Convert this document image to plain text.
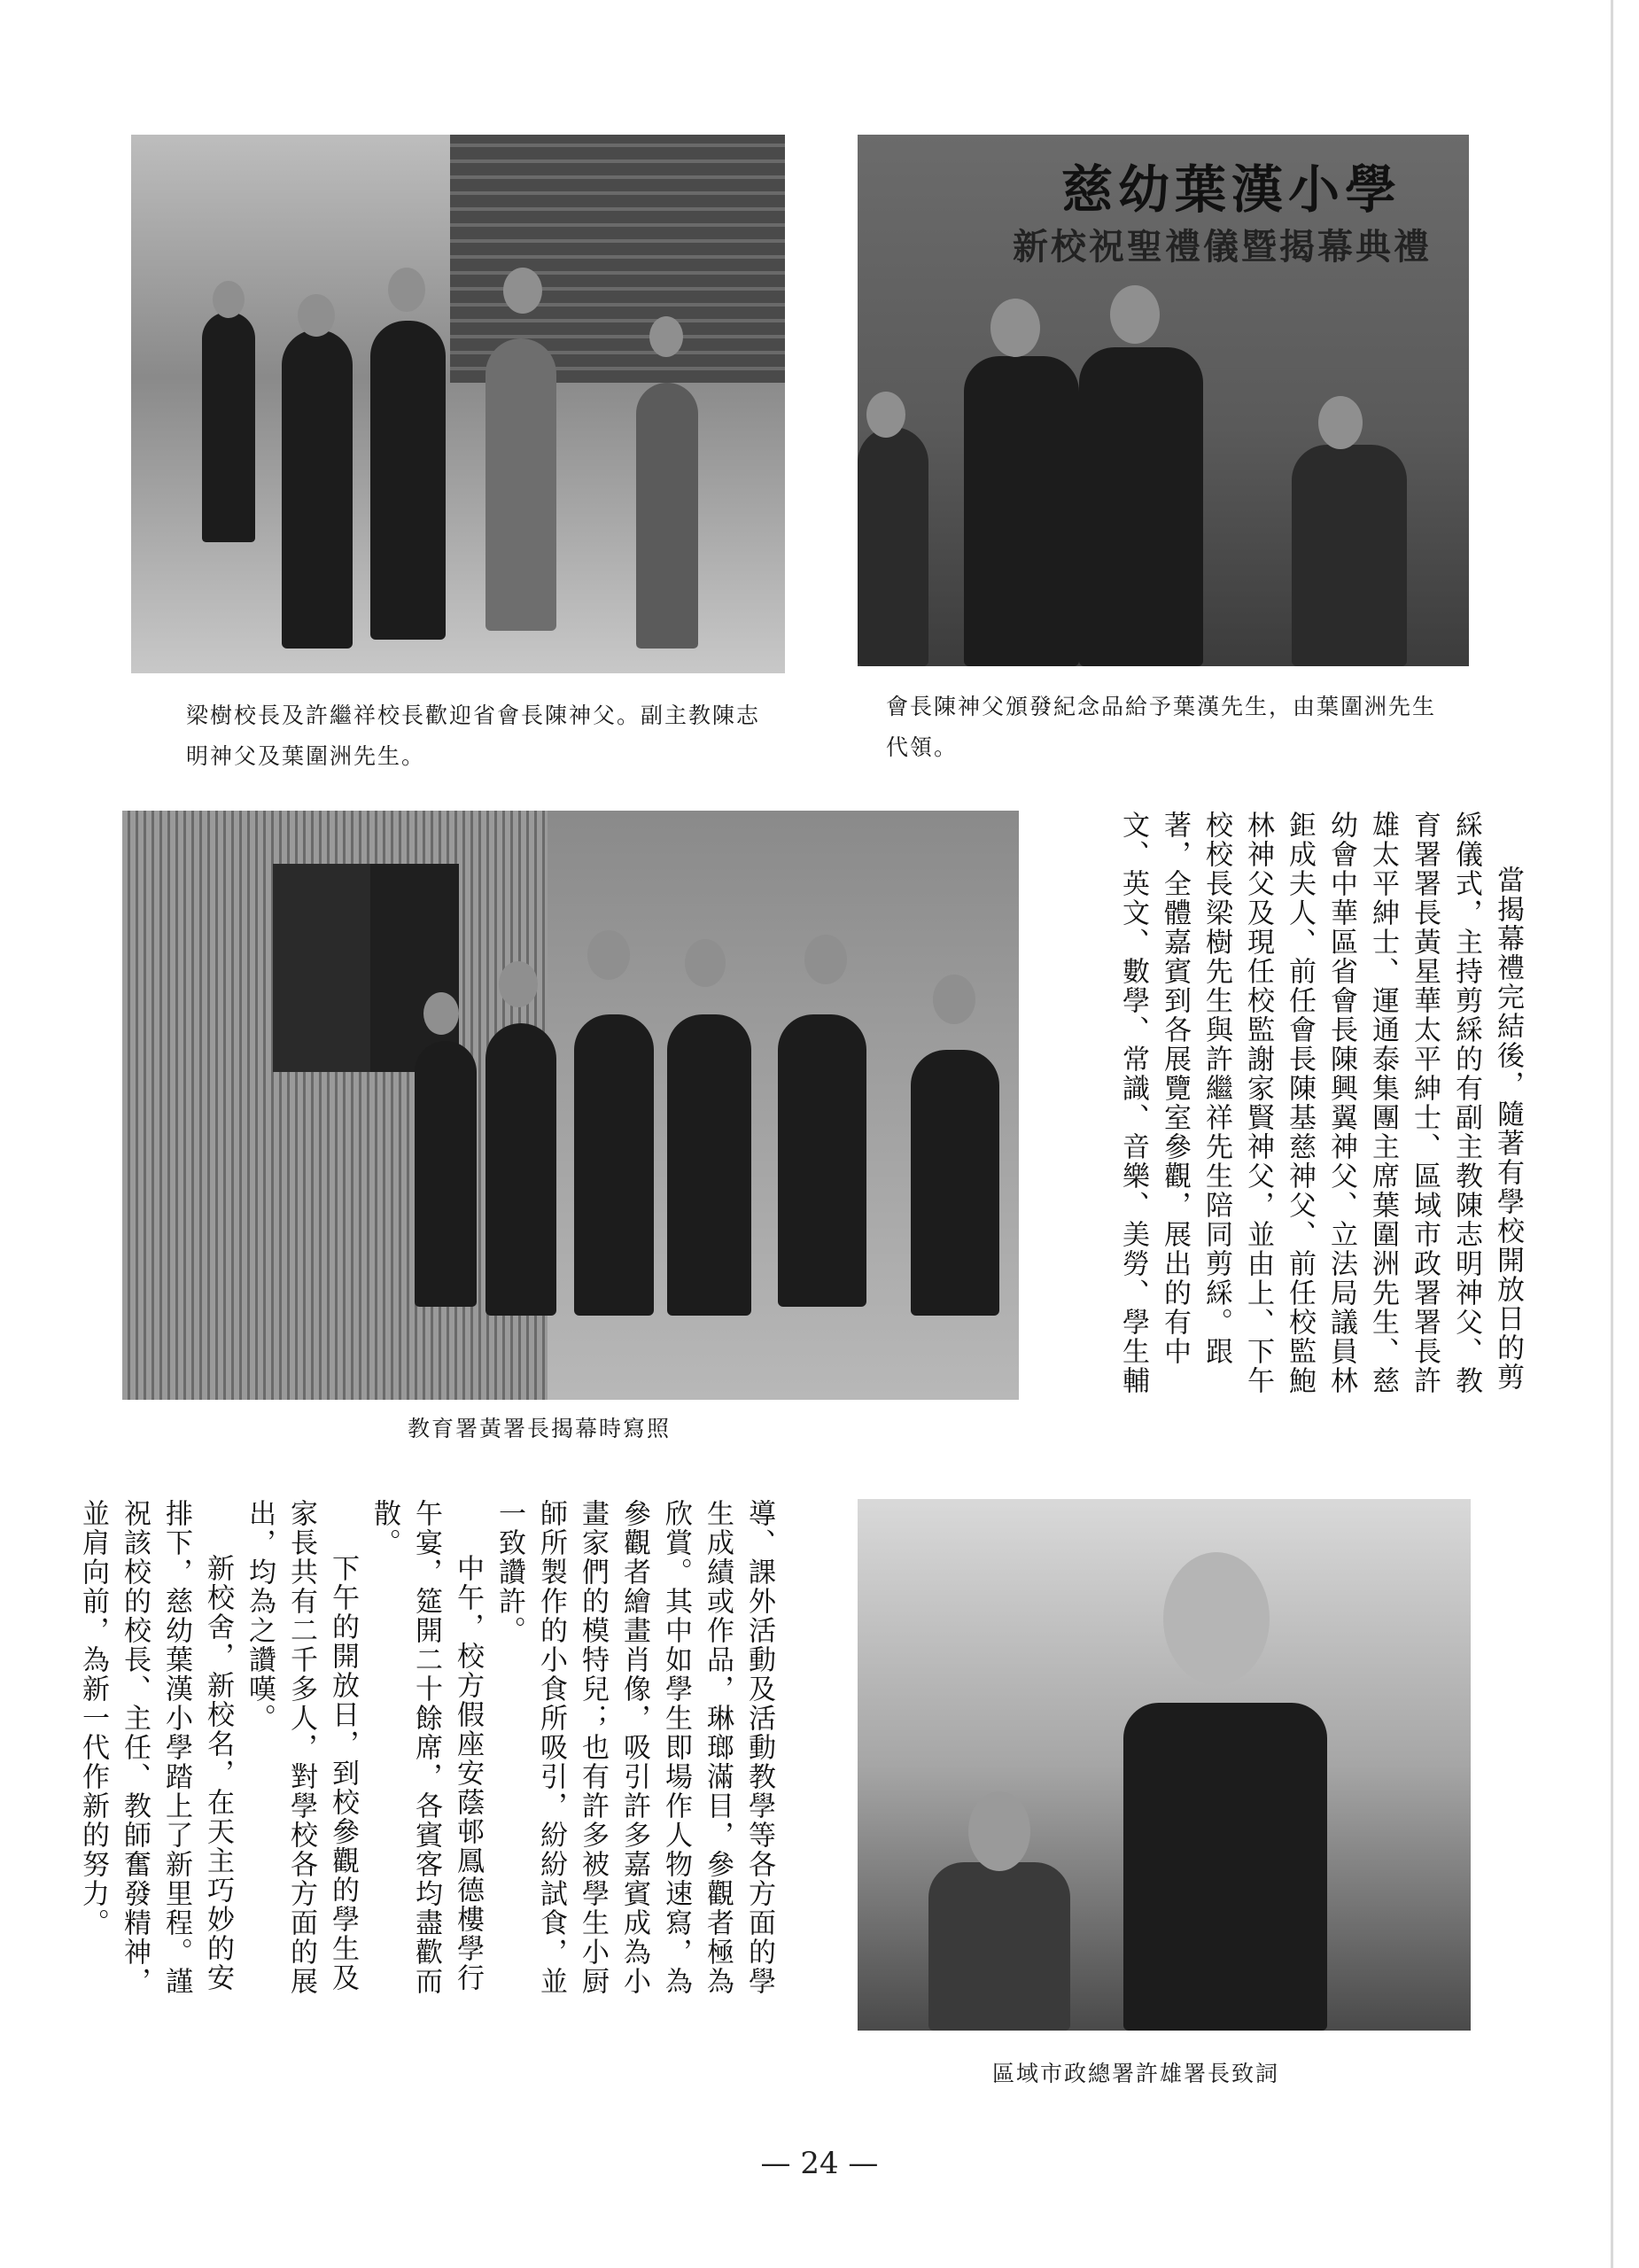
慈幼葉漢小學
新校祝聖禮儀暨揭幕典禮

梁樹校長及許繼祥校長歡迎省會長陳神父。副主教陳志明神父及葉圍洲先生。

會長陳神父頒發紀念品給予葉漢先生，由葉圍洲先生代領。

教育署黃署長揭幕時寫照

區域市政總署許雄署長致詞

當揭幕禮完結後，隨著有學校開放日的剪綵儀式，主持剪綵的有副主教陳志明神父、教育署署長黃星華太平紳士、區域市政署署長許雄太平紳士、運通泰集團主席葉圍洲先生、慈幼會中華區省會長陳興翼神父、立法局議員林鉅成夫人、前任會長陳基慈神父、前任校監鮑林神父及現任校監謝家賢神父，並由上、下午校校長梁樹先生與許繼祥先生陪同剪綵。跟著，全體嘉賓到各展覽室參觀，展出的有中文、英文、數學、常識、音樂、美勞、學生輔

導、課外活動及活動教學等各方面的學生成績或作品，琳瑯滿目，參觀者極為欣賞。其中如學生即場作人物速寫，為參觀者繪畫肖像，吸引許多嘉賓成為小畫家們的模特兒；也有許多被學生小厨師所製作的小食所吸引，紛紛試食，並一致讚許。

中午，校方假座安蔭邨鳳德樓學行午宴，筵開二十餘席，各賓客均盡歡而散。

下午的開放日，到校參觀的學生及家長共有二千多人，對學校各方面的展出，均為之讚嘆。

新校舍，新校名，在天主巧妙的安排下，慈幼葉漢小學踏上了新里程。謹祝該校的校長、主任、教師奮發精神，並肩向前，為新一代作新的努力。

— 24 —
